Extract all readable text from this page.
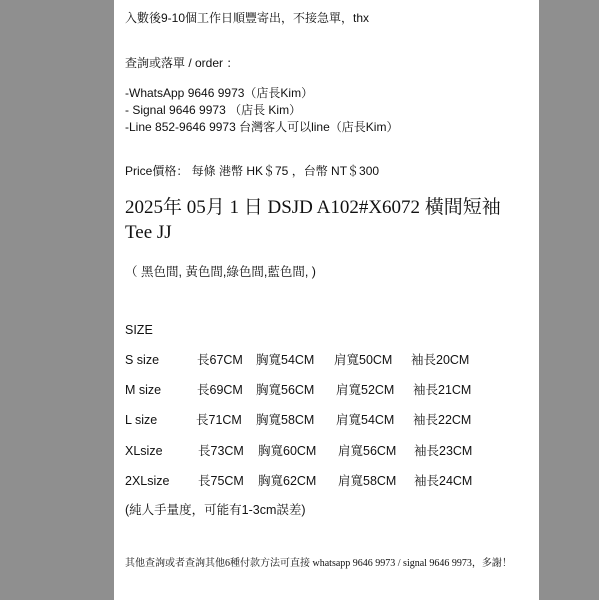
入數後9-10個工作日順豐寄出，不接急單，thx
查詢或落單 / order ：
-WhatsApp 9646 9973（店長Kim）
- Signal 9646 9973 （店長 Kim）
-Line 852-9646 9973 台灣客人可以line（店長Kim）
Price價格： 每條 港幣 HK＄75 ，台幣 NT＄300
2025年 05月 1 日 DSJD A102#X6072 橫間短袖
Tee JJ
（ 黑色間, 黃色間,綠色間,藍色間, )
SIZE
S size	長67CM 胸寬54CM 肩寬50CM 袖長20CM
M size	長69CM 胸寬56CM 肩寬52CM 袖長21CM
L size	長71CM 胸寬58CM 肩寬54CM 袖長22CM
XLsize	長73CM 胸寬60CM 肩寬56CM 袖長23CM
2XLsize 長75CM 胸寬62CM 肩寬58CM 袖長24CM
(純人手量度，可能有1-3cm誤差)
其他查詢或者查詢其他6種付款方法可直接 whatsapp 9646 9973 / signal 9646 9973，多謝！
